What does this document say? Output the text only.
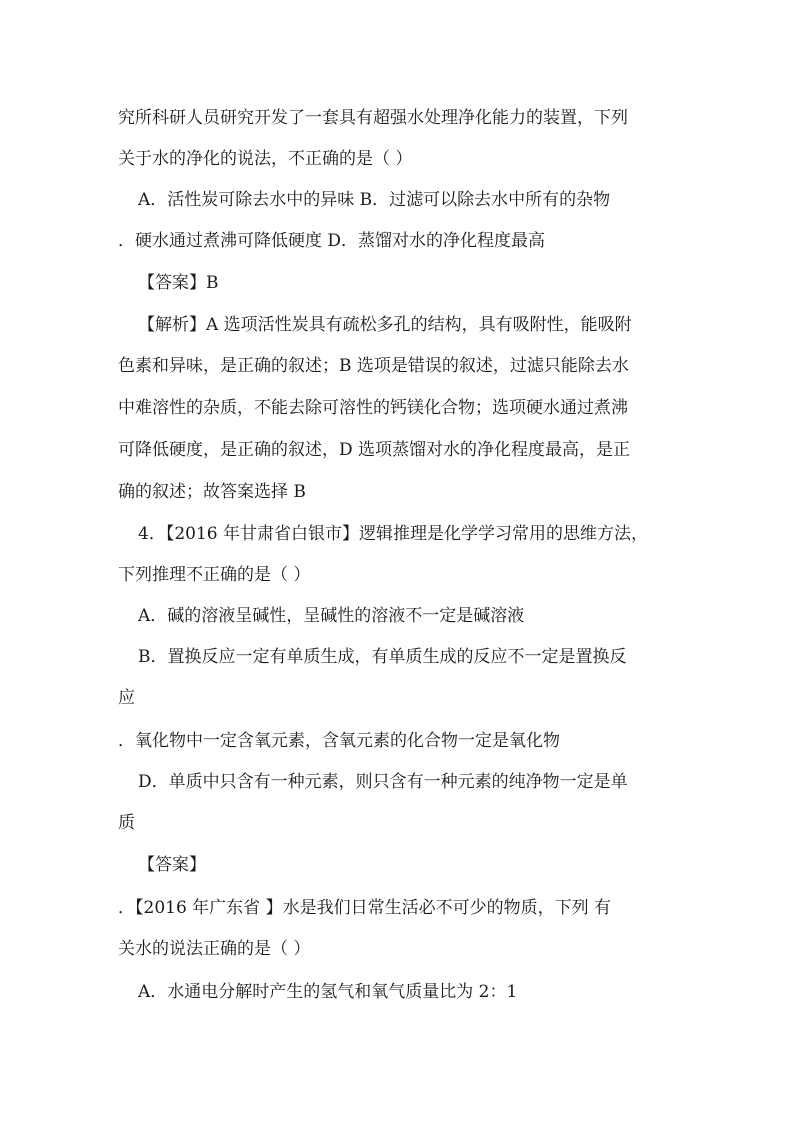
究所科研人员研究开发了一套具有超强水处理净化能力的装置，下列
关于水的净化的说法，不正确的是（ ）
A．活性炭可除去水中的异味 B．过滤可以除去水中所有的杂物
．硬水通过煮沸可降低硬度 D．蒸馏对水的净化程度最高
【答案】B
【解析】A 选项活性炭具有疏松多孔的结构，具有吸附性，能吸附
色素和异味，是正确的叙述；B 选项是错误的叙述，过滤只能除去水
中难溶性的杂质，不能去除可溶性的钙镁化合物；选项硬水通过煮沸
可降低硬度，是正确的叙述，D 选项蒸馏对水的净化程度最高，是正
确的叙述；故答案选择 B
4．【2016 年甘肃省白银市】逻辑推理是化学学习常用的思维方法，
下列推理不正确的是（ ）
A．碱的溶液呈碱性，呈碱性的溶液不一定是碱溶液
B．置换反应一定有单质生成，有单质生成的反应不一定是置换反
应
．氧化物中一定含氧元素，含氧元素的化合物一定是氧化物
D．单质中只含有一种元素，则只含有一种元素的纯净物一定是单
质
【答案】
．【2016 年广东省 】水是我们日常生活必不可少的物质，下列 有
关水的说法正确的是（ ）
A．水通电分解时产生的氢气和氧气质量比为 2：1
